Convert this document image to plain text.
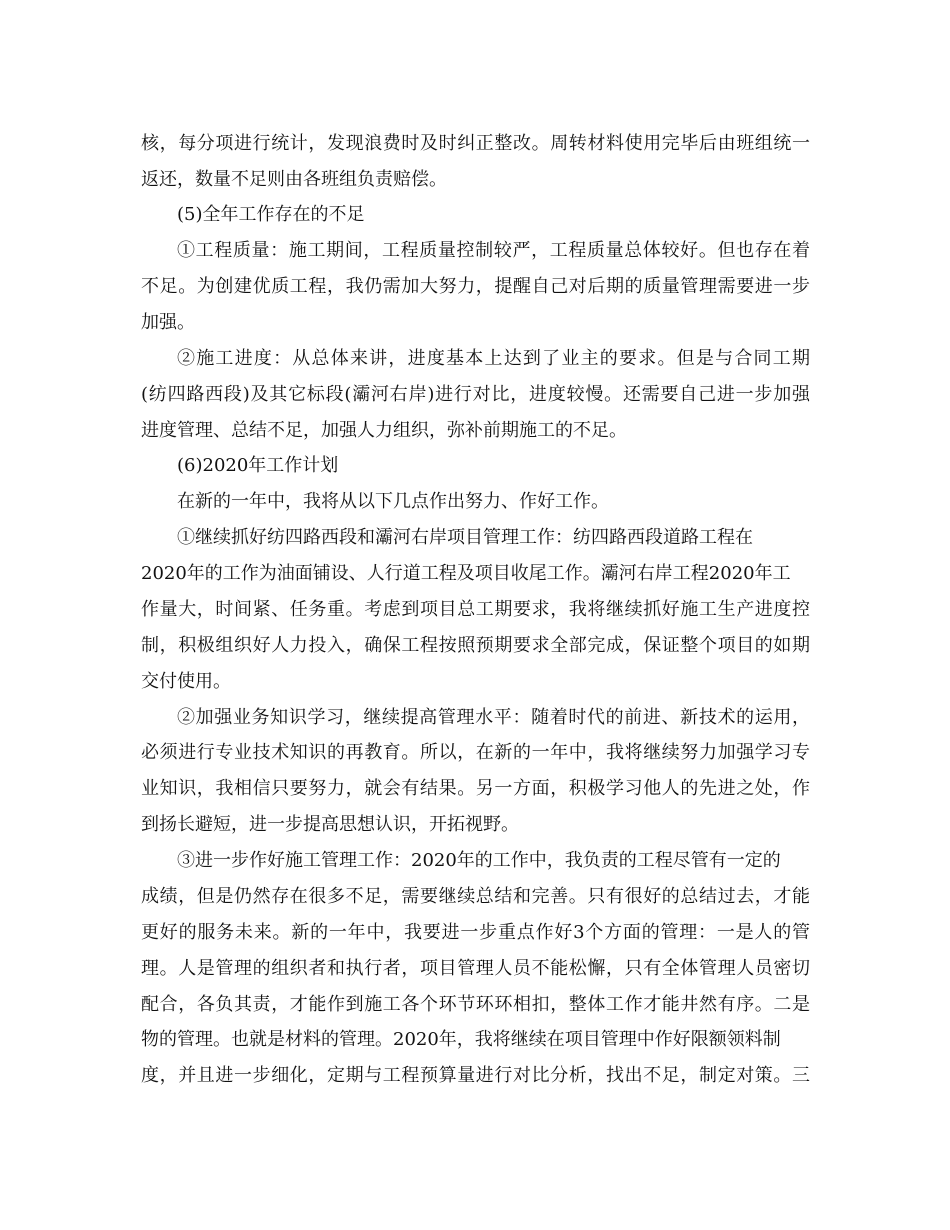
核，每分项进行统计，发现浪费时及时纠正整改。周转材料使用完毕后由班组统一
返还，数量不足则由各班组负责赔偿。
(5)全年工作存在的不足
①工程质量：施工期间，工程质量控制较严，工程质量总体较好。但也存在着
不足。为创建优质工程，我仍需加大努力，提醒自己对后期的质量管理需要进一步
加强。
②施工进度：从总体来讲，进度基本上达到了业主的要求。但是与合同工期
(纺四路西段)及其它标段(灞河右岸)进行对比，进度较慢。还需要自己进一步加强
进度管理、总结不足，加强人力组织，弥补前期施工的不足。
(6)2020年工作计划
在新的一年中，我将从以下几点作出努力、作好工作。
①继续抓好纺四路西段和灞河右岸项目管理工作：纺四路西段道路工程在
2020年的工作为油面铺设、人行道工程及项目收尾工作。灞河右岸工程2020年工
作量大，时间紧、任务重。考虑到项目总工期要求，我将继续抓好施工生产进度控
制，积极组织好人力投入，确保工程按照预期要求全部完成，保证整个项目的如期
交付使用。
②加强业务知识学习，继续提高管理水平：随着时代的前进、新技术的运用，
必须进行专业技术知识的再教育。所以，在新的一年中，我将继续努力加强学习专
业知识，我相信只要努力，就会有结果。另一方面，积极学习他人的先进之处，作
到扬长避短，进一步提高思想认识，开拓视野。
③进一步作好施工管理工作：2020年的工作中，我负责的工程尽管有一定的
成绩，但是仍然存在很多不足，需要继续总结和完善。只有很好的总结过去，才能
更好的服务未来。新的一年中，我要进一步重点作好3个方面的管理：一是人的管
理。人是管理的组织者和执行者，项目管理人员不能松懈，只有全体管理人员密切
配合，各负其责，才能作到施工各个环节环环相扣，整体工作才能井然有序。二是
物的管理。也就是材料的管理。2020年，我将继续在项目管理中作好限额领料制
度，并且进一步细化，定期与工程预算量进行对比分析，找出不足，制定对策。三
